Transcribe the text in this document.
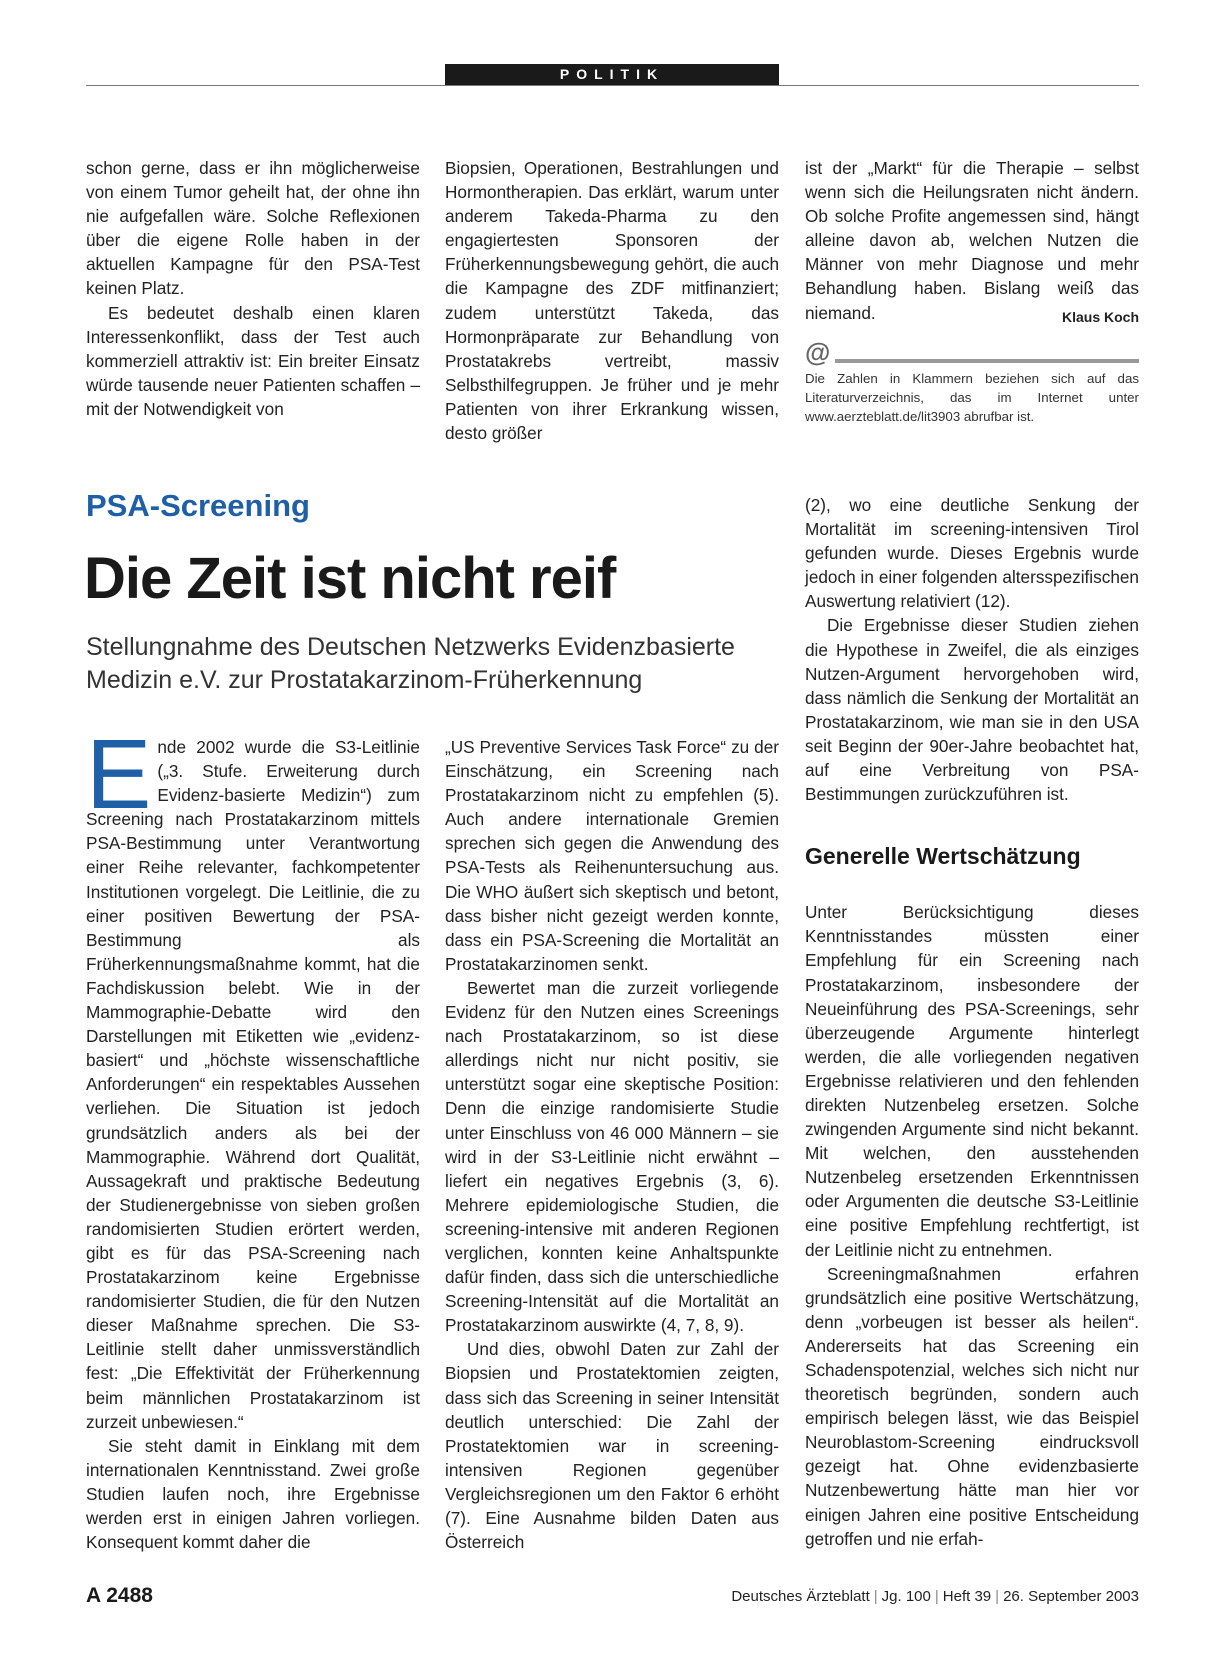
POLITIK

schon gerne, dass er ihn möglicherweise von einem Tumor geheilt hat, der ohne ihn nie aufgefallen wäre. Solche Reflexionen über die eigene Rolle haben in der aktuellen Kampagne für den PSA-Test keinen Platz.

Es bedeutet deshalb einen klaren Interessenkonflikt, dass der Test auch kommerziell attraktiv ist: Ein breiter Einsatz würde tausende neuer Patienten schaffen – mit der Notwendigkeit von

Biopsien, Operationen, Bestrahlungen und Hormontherapien. Das erklärt, warum unter anderem Takeda-Pharma zu den engagiertesten Sponsoren der Früherkennungsbewegung gehört, die auch die Kampagne des ZDF mitfinanziert; zudem unterstützt Takeda, das Hormonpräparate zur Behandlung von Prostatakrebs vertreibt, massiv Selbsthilfegruppen. Je früher und je mehr Patienten von ihrer Erkrankung wissen, desto größer

ist der „Markt“ für die Therapie – selbst wenn sich die Heilungsraten nicht ändern. Ob solche Profite angemessen sind, hängt alleine davon ab, welchen Nutzen die Männer von mehr Diagnose und mehr Behandlung haben. Bislang weiß das niemand.	Klaus Koch

@
Die Zahlen in Klammern beziehen sich auf das Literaturverzeichnis, das im Internet unter www.aerzteblatt.de/lit3903 abrufbar ist.
PSA-Screening
Die Zeit ist nicht reif
Stellungnahme des Deutschen Netzwerks Evidenzbasierte Medizin e.V. zur Prostatakarzinom-Früherkennung

E nde 2002 wurde die S3-Leitlinie („3. Stufe. Erweiterung durch Evidenz-basierte Medizin“) zum Screening nach Prostatakarzinom mittels PSA-Bestimmung unter Verantwortung einer Reihe relevanter, fachkompetenter Institutionen vorgelegt. Die Leitlinie, die zu einer positiven Bewertung der PSA-Bestimmung als Früherkennungsmaßnahme kommt, hat die Fachdiskussion belebt. Wie in der Mammographie-Debatte wird den Darstellungen mit Etiketten wie „evidenz-basiert“ und „höchste wissenschaftliche Anforderungen“ ein respektables Aussehen verliehen. Die Situation ist jedoch grundsätzlich anders als bei der Mammographie. Während dort Qualität, Aussagekraft und praktische Bedeutung der Studienergebnisse von sieben großen randomisierten Studien erörtert werden, gibt es für das PSA-Screening nach Prostatakarzinom keine Ergebnisse randomisierter Studien, die für den Nutzen dieser Maßnahme sprechen. Die S3-Leitlinie stellt daher unmissverständlich fest: „Die Effektivität der Früherkennung beim männlichen Prostatakarzinom ist zurzeit unbewiesen.“

Sie steht damit in Einklang mit dem internationalen Kenntnisstand. Zwei große Studien laufen noch, ihre Ergebnisse werden erst in einigen Jahren vorliegen. Konsequent kommt daher die

„US Preventive Services Task Force“ zu der Einschätzung, ein Screening nach Prostatakarzinom nicht zu empfehlen (5). Auch andere internationale Gremien sprechen sich gegen die Anwendung des PSA-Tests als Reihenuntersuchung aus. Die WHO äußert sich skeptisch und betont, dass bisher nicht gezeigt werden konnte, dass ein PSA-Screening die Mortalität an Prostatakarzinomen senkt.

Bewertet man die zurzeit vorliegende Evidenz für den Nutzen eines Screenings nach Prostatakarzinom, so ist diese allerdings nicht nur nicht positiv, sie unterstützt sogar eine skeptische Position: Denn die einzige randomisierte Studie unter Einschluss von 46 000 Männern – sie wird in der S3-Leitlinie nicht erwähnt – liefert ein negatives Ergebnis (3, 6). Mehrere epidemiologische Studien, die screening-intensive mit anderen Regionen verglichen, konnten keine Anhaltspunkte dafür finden, dass sich die unterschiedliche Screening-Intensität auf die Mortalität an Prostatakarzinom auswirkte (4, 7, 8, 9).

Und dies, obwohl Daten zur Zahl der Biopsien und Prostatektomien zeigten, dass sich das Screening in seiner Intensität deutlich unterschied: Die Zahl der Prostatektomien war in screening-intensiven Regionen gegenüber Vergleichsregionen um den Faktor 6 erhöht (7). Eine Ausnahme bilden Daten aus Österreich

(2), wo eine deutliche Senkung der Mortalität im screening-intensiven Tirol gefunden wurde. Dieses Ergebnis wurde jedoch in einer folgenden altersspezifischen Auswertung relativiert (12).

Die Ergebnisse dieser Studien ziehen die Hypothese in Zweifel, die als einziges Nutzen-Argument hervorgehoben wird, dass nämlich die Senkung der Mortalität an Prostatakarzinom, wie man sie in den USA seit Beginn der 90er-Jahre beobachtet hat, auf eine Verbreitung von PSA-Bestimmungen zurückzuführen ist.

Generelle Wertschätzung

Unter Berücksichtigung dieses Kenntnisstandes müssten einer Empfehlung für ein Screening nach Prostatakarzinom, insbesondere der Neueinführung des PSA-Screenings, sehr überzeugende Argumente hinterlegt werden, die alle vorliegenden negativen Ergebnisse relativieren und den fehlenden direkten Nutzenbeleg ersetzen. Solche zwingenden Argumente sind nicht bekannt. Mit welchen, den ausstehenden Nutzenbeleg ersetzenden Erkenntnissen oder Argumenten die deutsche S3-Leitlinie eine positive Empfehlung rechtfertigt, ist der Leitlinie nicht zu entnehmen.

Screeningmaßnahmen erfahren grundsätzlich eine positive Wertschätzung, denn „vorbeugen ist besser als heilen“. Andererseits hat das Screening ein Schadenspotenzial, welches sich nicht nur theoretisch begründen, sondern auch empirisch belegen lässt, wie das Beispiel Neuroblastom-Screening eindrucksvoll gezeigt hat. Ohne evidenzbasierte Nutzenbewertung hätte man hier vor einigen Jahren eine positive Entscheidung getroffen und nie erfah-

A 2488	Deutsches Ärzteblatt | Jg. 100 | Heft 39 | 26. September 2003
